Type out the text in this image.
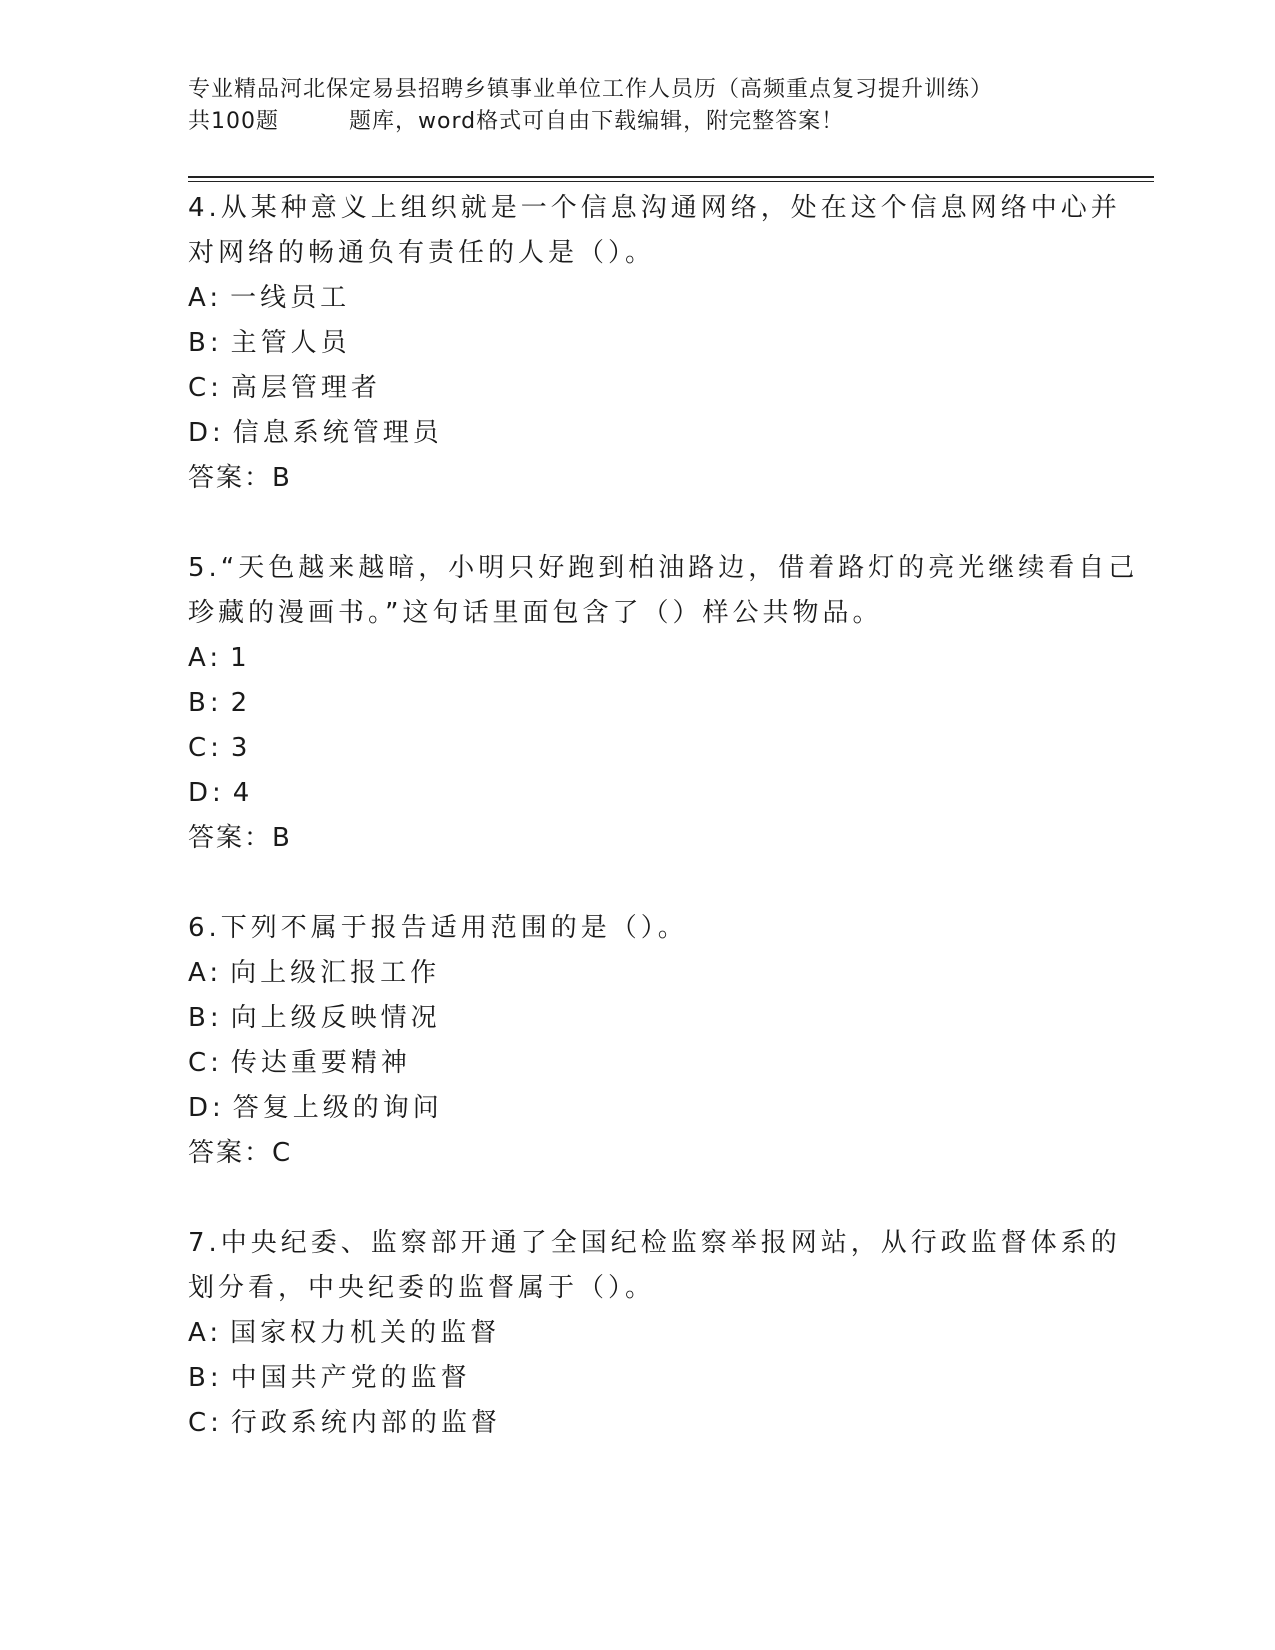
专业精品河北保定易县招聘乡镇事业单位工作人员历（高频重点复习提升训练）
共100题	题库，word格式可自由下载编辑，附完整答案！
4.从某种意义上组织就是一个信息沟通网络，处在这个信息网络中心并对网络的畅通负有责任的人是（）。
A: 一线员工
B: 主管人员
C: 高层管理者
D: 信息系统管理员
答案：B
5.“天色越来越暗，小明只好跑到柏油路边，借着路灯的亮光继续看自己珍藏的漫画书。”这句话里面包含了（）样公共物品。
A: 1
B: 2
C: 3
D: 4
答案：B
6.下列不属于报告适用范围的是（）。
A: 向上级汇报工作
B: 向上级反映情况
C: 传达重要精神
D: 答复上级的询问
答案：C
7.中央纪委、监察部开通了全国纪检监察举报网站，从行政监督体系的划分看，中央纪委的监督属于（）。
A: 国家权力机关的监督
B: 中国共产党的监督
C: 行政系统内部的监督
